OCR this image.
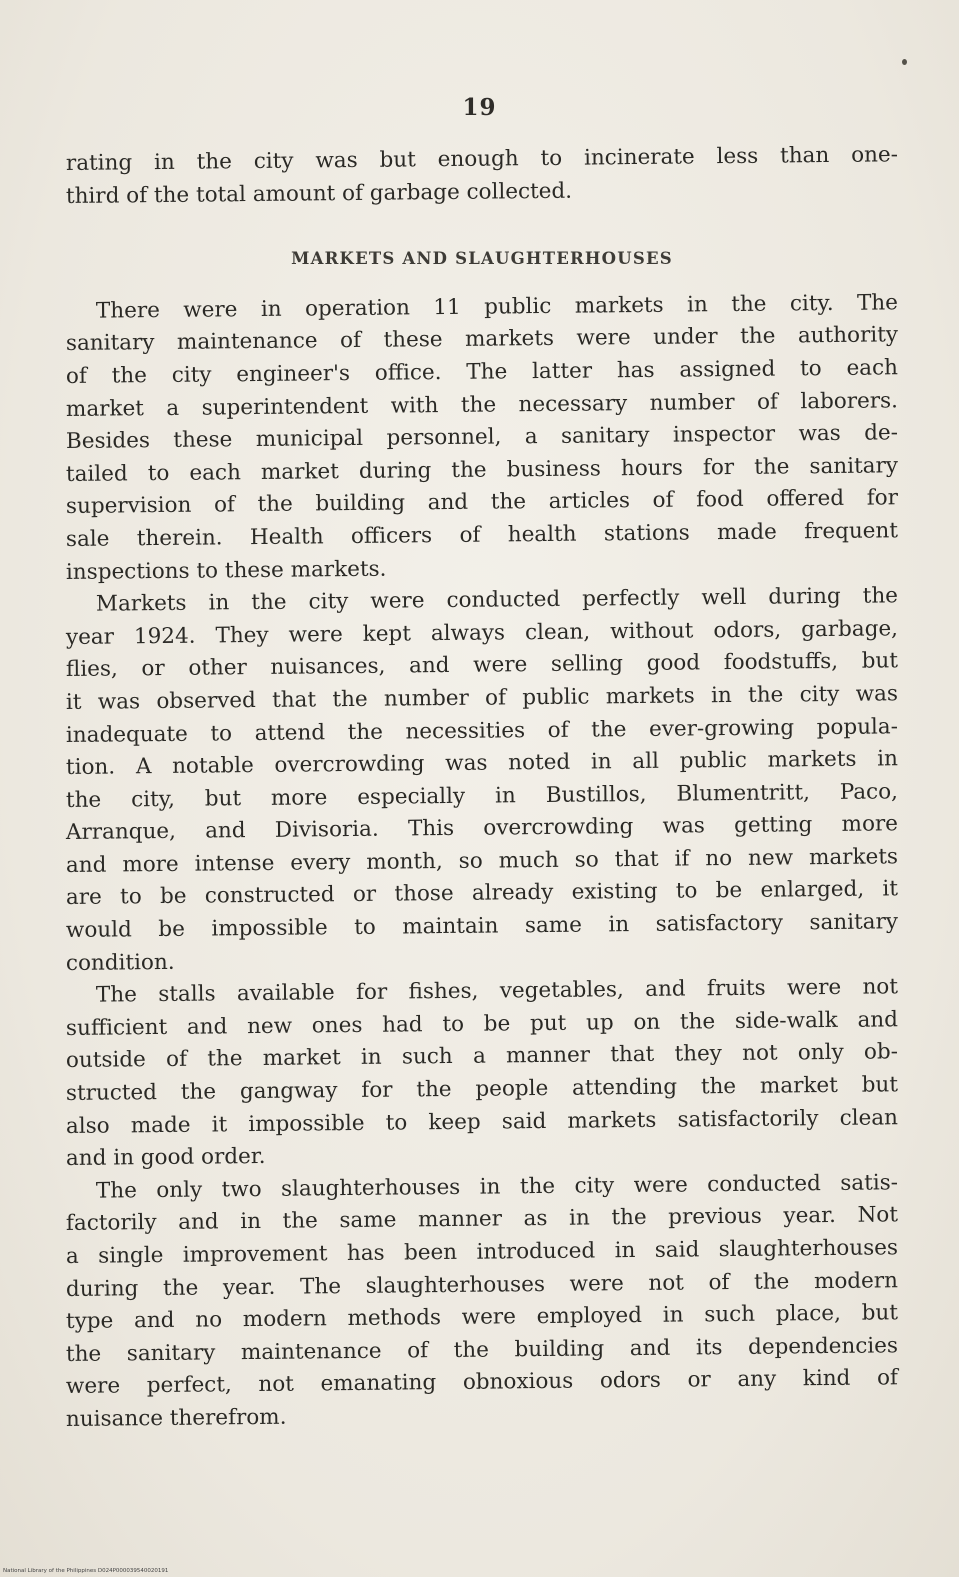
19
rating in the city was but enough to incinerate less than one-
third of the total amount of garbage collected.
MARKETS AND SLAUGHTERHOUSES
There were in operation 11 public markets in the city. The
sanitary maintenance of these markets were under the authority
of the city engineer's office. The latter has assigned to each
market a superintendent with the necessary number of laborers.
Besides these municipal personnel, a sanitary inspector was de-
tailed to each market during the business hours for the sanitary
supervision of the building and the articles of food offered for
sale therein. Health officers of health stations made frequent
inspections to these markets.
Markets in the city were conducted perfectly well during the
year 1924. They were kept always clean, without odors, garbage,
flies, or other nuisances, and were selling good foodstuffs, but
it was observed that the number of public markets in the city was
inadequate to attend the necessities of the ever-growing popula-
tion. A notable overcrowding was noted in all public markets in
the city, but more especially in Bustillos, Blumentritt, Paco,
Arranque, and Divisoria. This overcrowding was getting more
and more intense every month, so much so that if no new markets
are to be constructed or those already existing to be enlarged, it
would be impossible to maintain same in satisfactory sanitary
condition.
The stalls available for fishes, vegetables, and fruits were not
sufficient and new ones had to be put up on the side-walk and
outside of the market in such a manner that they not only ob-
structed the gangway for the people attending the market but
also made it impossible to keep said markets satisfactorily clean
and in good order.
The only two slaughterhouses in the city were conducted satis-
factorily and in the same manner as in the previous year. Not
a single improvement has been introduced in said slaughterhouses
during the year. The slaughterhouses were not of the modern
type and no modern methods were employed in such place, but
the sanitary maintenance of the building and its dependencies
were perfect, not emanating obnoxious odors or any kind of
nuisance therefrom.
National Library of the Philippines D024P000039540020191
